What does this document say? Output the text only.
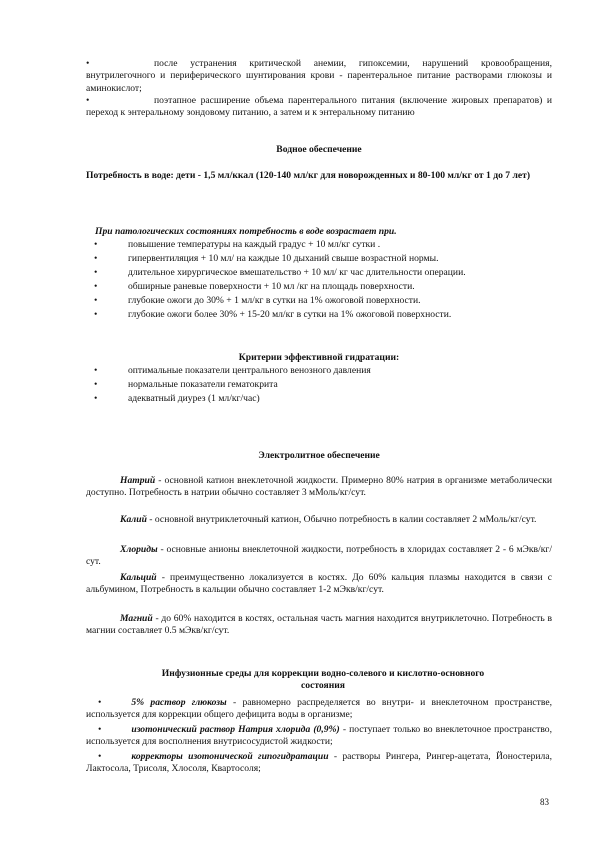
•	после устранения критической анемии, гипоксемии, нарушений кровообращения, внутрилегочного и периферического шунтирования крови - парентеральное питание растворами глюкозы и аминокислот;
•	поэтапное расширение объема парентерального питания (включение жировых препаратов) и переход к энтеральному зондовому питанию, а затем и к энтеральному питанию
Водное обеспечение
Потребность в воде: дети - 1,5 мл/ккал (120-140 мл/кг для новорожденных и 80-100 мл/кг от 1 до 7 лет)
При патологических состояниях потребность в воде возрастает при.
•	повышение температуры на каждый градус + 10 мл/кг сутки .
•	гипервентиляция + 10 мл/ на каждые 10 дыханий свыше возрастной нормы.
•	длительное хирургическое вмешательство + 10 мл/ кг час длительности операции.
•	обширные раневые поверхности + 10 мл /кг на площадь поверхности.
•	глубокие ожоги до 30% + 1 мл/кг в сутки на 1% ожоговой поверхности.
•	глубокие ожоги более 30% + 15-20 мл/кг в сутки на 1% ожоговой поверхности.
Критерии эффективной гидратации:
•	оптимальные показатели центрального венозного давления
•	нормальные показатели гематокрита
•	адекватный диурез (1 мл/кг/час)
Электролитное обеспечение
Натрий - основной катион внеклеточной жидкости. Примерно 80% натрия в организме метаболически доступно. Потребность в натрии обычно составляет 3 мМоль/кг/сут.
Калий - основной внутриклеточный катион, Обычно потребность в калии составляет 2 мМоль/кг/сут.
Хлориды - основные анионы внеклеточной жидкости, потребность в хлоридах составляет 2 - 6 мЭкв/кг/сут.
Кальций - преимущественно локализуется в костях. До 60% кальция плазмы находится в связи с альбумином, Потребность в кальции обычно составляет 1-2 мЭкв/кг/сут.
Магний - до 60% находится в костях, остальная часть магния находится внутриклеточно. Потребность в магнии составляет 0.5 мЭкв/кг/сут.
Инфузионные среды для коррекции водно-солевого и кислотно-основного состояния
•	5% раствор глюкозы - равномерно распределяется во внутри- и внеклеточном пространстве, используется для коррекции общего дефицита воды в организме;
•	изотонический раствор Натрия хлорида (0,9%) - поступает только во внеклеточное пространство, используется для восполнения внутрисосудистой жидкости;
•	корректоры изотонической гипогидратации - растворы Рингера, Рингер-ацетата, Йоностерила, Лактосола, Трисоля, Хлосоля, Квартосоля;
83
